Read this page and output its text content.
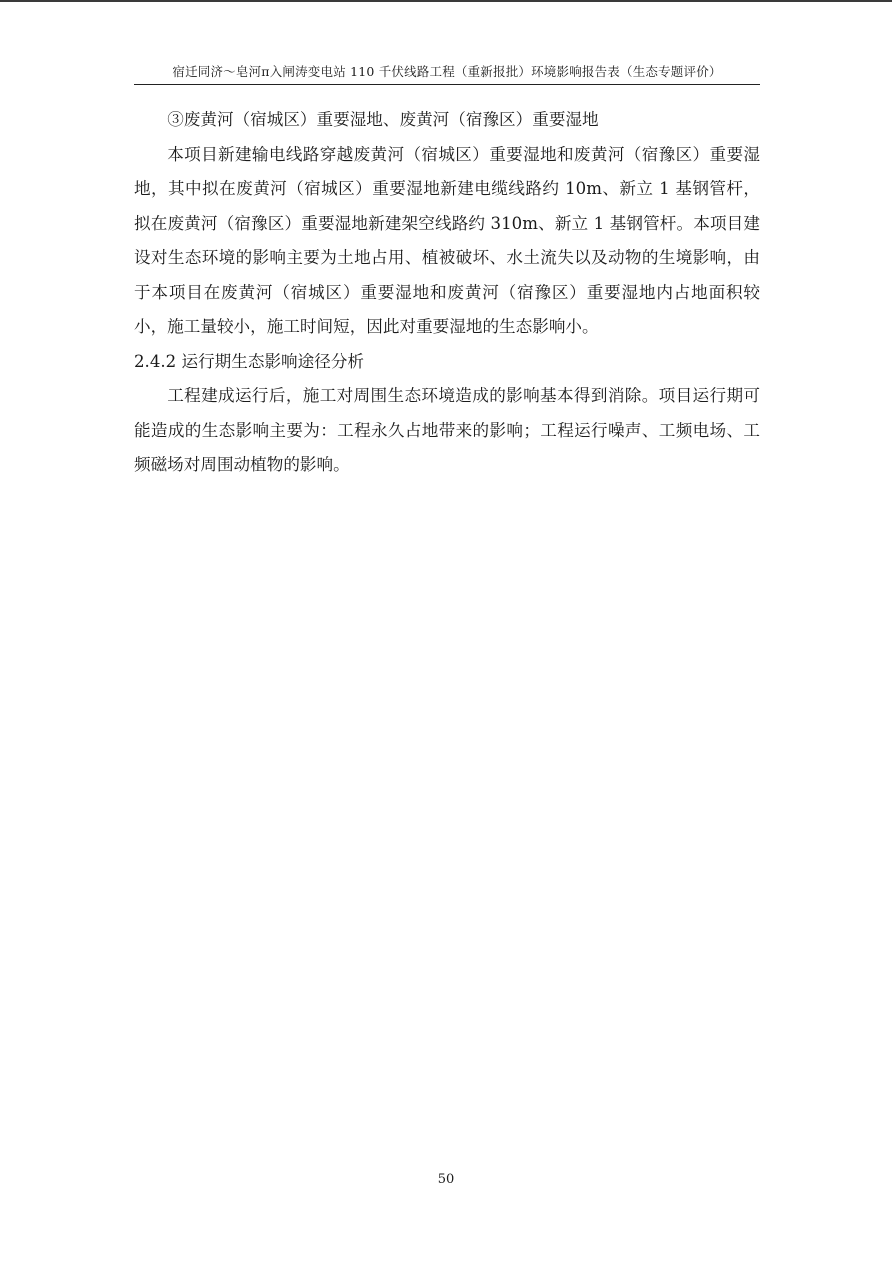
宿迁同济～皂河π入闸涛变电站 110 千伏线路工程（重新报批）环境影响报告表（生态专题评价）

③废黄河（宿城区）重要湿地、废黄河（宿豫区）重要湿地

本项目新建输电线路穿越废黄河（宿城区）重要湿地和废黄河（宿豫区）重要湿地，其中拟在废黄河（宿城区）重要湿地新建电缆线路约 10m、新立 1 基钢管杆，拟在废黄河（宿豫区）重要湿地新建架空线路约 310m、新立 1 基钢管杆。本项目建设对生态环境的影响主要为土地占用、植被破坏、水土流失以及动物的生境影响，由于本项目在废黄河（宿城区）重要湿地和废黄河（宿豫区）重要湿地内占地面积较小，施工量较小，施工时间短，因此对重要湿地的生态影响小。

2.4.2 运行期生态影响途径分析

工程建成运行后，施工对周围生态环境造成的影响基本得到消除。项目运行期可能造成的生态影响主要为：工程永久占地带来的影响；工程运行噪声、工频电场、工频磁场对周围动植物的影响。

50
